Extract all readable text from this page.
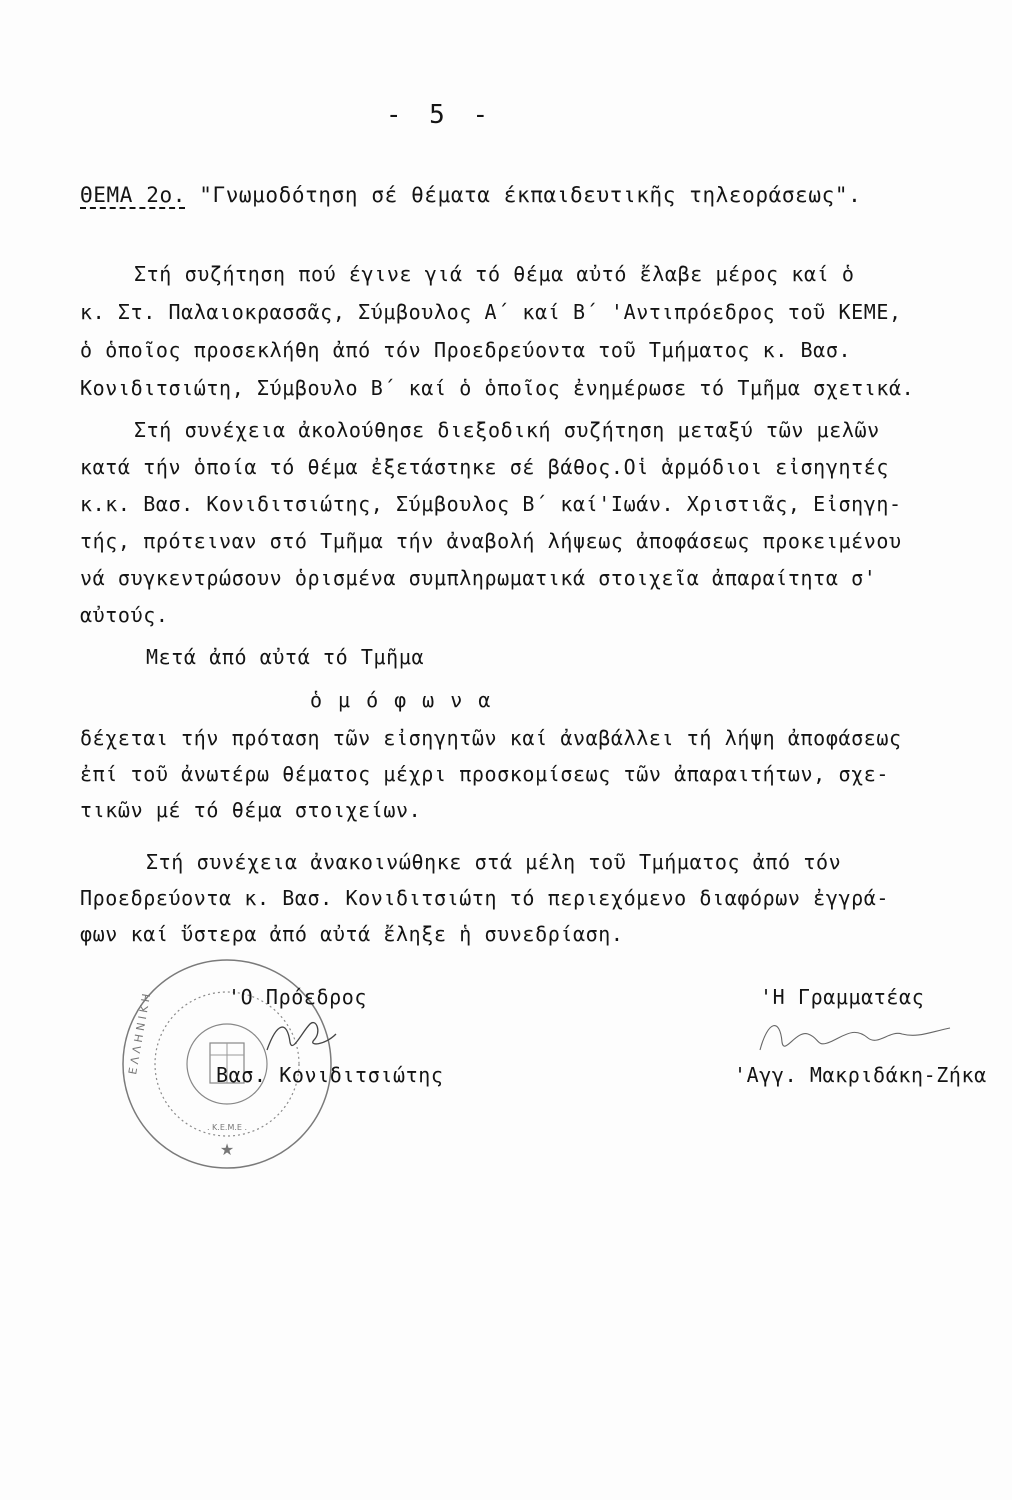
- 5 -
ΘΕΜΑ 2ο. "Γνωμοδότηση σέ θέματα έκπαιδευτικῆς τηλεοράσεως".
Στή συζήτηση πού έγινε γιά τό θέμα αὐτό ἔλαβε μέρος καί ὁ
κ. Στ. Παλαιοκρασσᾶς, Σύμβουλος Α΄ καί Β΄ 'Αντιπρόεδρος τοῦ ΚΕΜΕ,
ὁ ὁποῖος προσεκλήθη ἀπό τόν Προεδρεύοντα τοῦ Τμήματος κ. Βασ.
Κονιδιτσιώτη, Σύμβουλο Β΄ καί ὁ ὁποῖος ἐνημέρωσε τό Τμῆμα σχετικά.
Στή συνέχεια ἀκολούθησε διεξοδική συζήτηση μεταξύ τῶν μελῶν
κατά τήν ὁποία τό θέμα ἐξετάστηκε σέ βάθος.Οἱ ἁρμόδιοι εἰσηγητές
κ.κ. Βασ. Κονιδιτσιώτης, Σύμβουλος Β΄ καί'Ιωάν. Χριστιᾶς, Εἰσηγη-
τής, πρότειναν στό Τμῆμα τήν ἀναβολή λήψεως ἀποφάσεως προκειμένου
νά συγκεντρώσουν ὁρισμένα συμπληρωματικά στοιχεῖα ἀπαραίτητα σ'
αὐτούς.
Μετά ἀπό αὐτά τό Τμῆμα
ὁμόφωνα
δέχεται τήν πρόταση τῶν εἰσηγητῶν καί ἀναβάλλει τή λήψη ἀποφάσεως
ἐπί τοῦ ἀνωτέρω θέματος μέχρι προσκομίσεως τῶν ἀπαραιτήτων, σχε-
τικῶν μέ τό θέμα στοιχείων.
Στή συνέχεια ἀνακοινώθηκε στά μέλη τοῦ Τμήματος ἀπό τόν
Προεδρεύοντα κ. Βασ. Κονιδιτσιώτη τό περιεχόμενο διαφόρων ἐγγρά-
φων καί ὕστερα ἀπό αὐτά ἔληξε ἡ συνεδρίαση.
★
. K.E.M.E .
Ε Λ Λ Η Ν Ι Κ Η	'Ο Πρόεδρος
Βασ. Κονιδιτσιώτης
'Η Γραμματέας
'Αγγ. Μακριδάκη-Ζήκα
